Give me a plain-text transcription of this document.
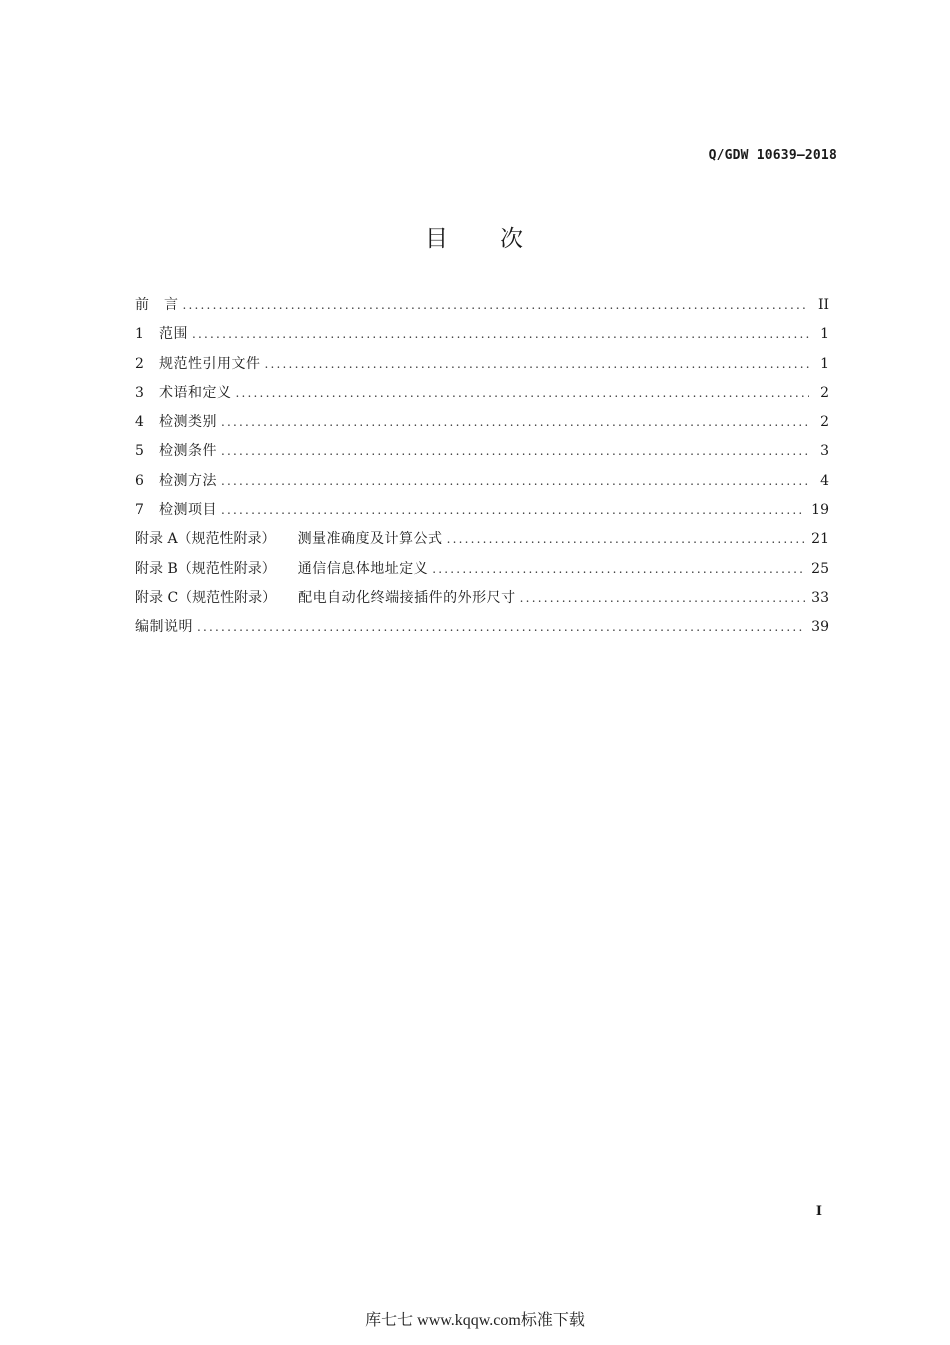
Q/GDW 10639—2018
目 次
前　言 .....	II
1	范围 .....	1
2	规范性引用文件 .....	1
3	术语和定义 .....	2
4	检测类别 .....	2
5	检测条件 .....	3
6	检测方法 .....	4
7	检测项目 .....	19
附录 A（规范性附录）	测量准确度及计算公式 .....	21
附录 B（规范性附录）	通信信息体地址定义 .....	25
附录 C（规范性附录）	配电自动化终端接插件的外形尺寸 .....	33
编制说明 .....	39
I
库七七 www.kqqw.com标准下载
